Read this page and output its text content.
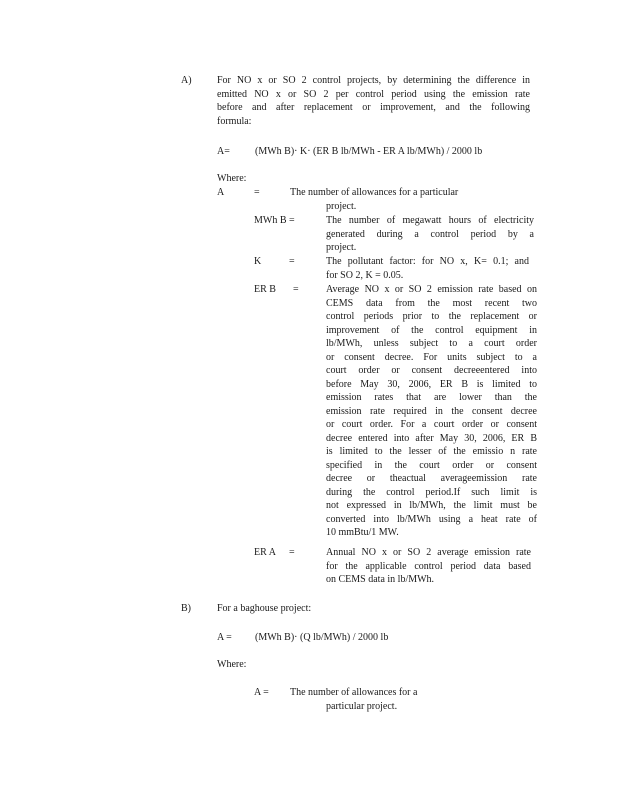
A)	For NO x or SO 2 control projects, by determining the difference in
emitted NO x or SO 2 per control period using the emission rate
before and after replacement or improvement, and the following
formula:
A=	(MWh B)· K· (ER B lb/MWh - ER A lb/MWh) / 2000 lb
Where:
A	=	The number of allowances for a particular
project.
MWh B =	The number of megawatt hours of electricity
generated during a control period by a
project.
K	=	The pollutant factor: for NO x, K= 0.1; and
for SO 2, K = 0.05.
ER B =	Average NO x or SO 2 emission rate based on
CEMS data from the most recent two
control periods prior to the replacement or
improvement of the control equipment in
lb/MWh, unless subject to a court order
or consent decree. For units subject to a
court order or consent decreeentered into
before May 30, 2006, ER B is limited to
emission rates that are lower than the
emission rate required in the consent decree
or court order. For a court order or consent
decree entered into after May 30, 2006, ER B
is limited to the lesser of the emissio n rate
specified in the court order or consent
decree or theactual averageemission rate
during the control period.If such limit is
not expressed in lb/MWh, the limit must be
converted into lb/MWh using a heat rate of
10 mmBtu/1 MW.
ER A =	Annual NO x or SO 2 average emission rate
for the applicable control period data based
on CEMS data in lb/MWh.
B)	For a baghouse project:
A = (MWh B)· (Q lb/MWh) / 2000 lb
Where:
A = The number of allowances for a
particular project.
